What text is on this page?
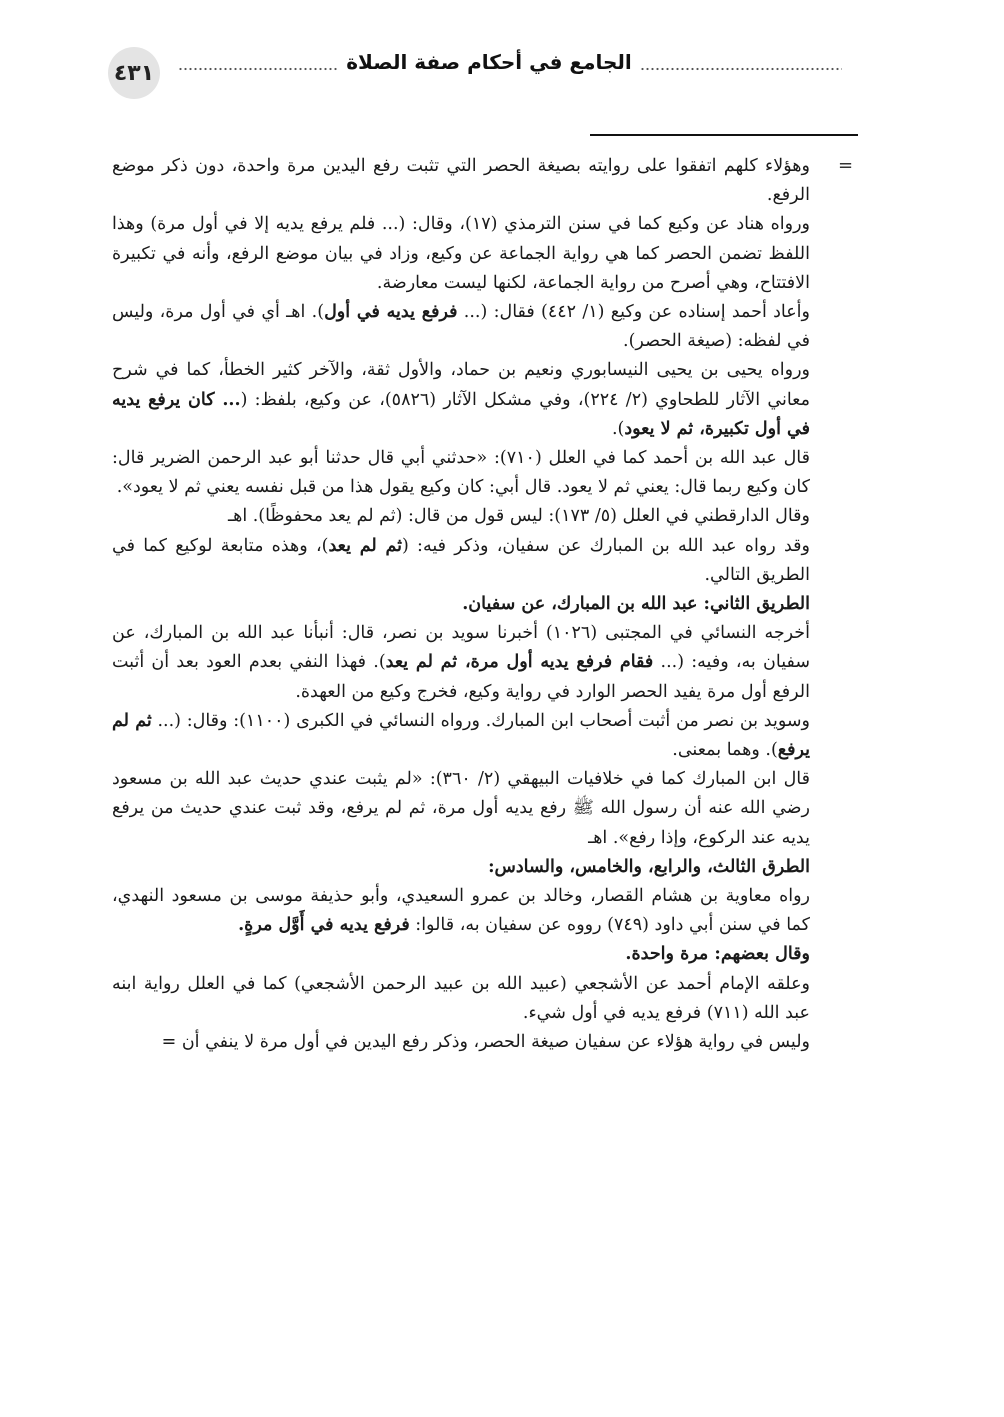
٤٣١	الجامع في أحكام صفة الصلاة
=

وهؤلاء كلهم اتفقوا على روايته بصيغة الحصر التي تثبت رفع اليدين مرة واحدة، دون ذكر موضع الرفع.

ورواه هناد عن وكيع كما في سنن الترمذي (١٧)، وقال: (... فلم يرفع يديه إلا في أول مرة) وهذا اللفظ تضمن الحصر كما هي رواية الجماعة عن وكيع، وزاد في بيان موضع الرفع، وأنه في تكبيرة الافتتاح، وهي أصرح من رواية الجماعة، لكنها ليست معارضة.

وأعاد أحمد إسناده عن وكيع (١/ ٤٤٢) فقال: (... فرفع يديه في أول). اهـ أي في أول مرة، وليس في لفظه: (صيغة الحصر).

ورواه يحيى بن يحيى النيسابوري ونعيم بن حماد، والأول ثقة، والآخر كثير الخطأ، كما في شرح معاني الآثار للطحاوي (٢/ ٢٢٤)، وفي مشكل الآثار (٥٨٢٦)، عن وكيع، بلفظ: (... كان يرفع يديه في أول تكبيرة، ثم لا يعود).

قال عبد الله بن أحمد كما في العلل (٧١٠): «حدثني أبي قال حدثنا أبو عبد الرحمن الضرير قال: كان وكيع ربما قال: يعني ثم لا يعود. قال أبي: كان وكيع يقول هذا من قبل نفسه يعني ثم لا يعود».

وقال الدارقطني في العلل (٥/ ١٧٣): ليس قول من قال: (ثم لم يعد محفوظًا). اهـ

وقد رواه عبد الله بن المبارك عن سفيان، وذكر فيه: (ثم لم يعد)، وهذه متابعة لوكيع كما في الطريق التالي.

الطريق الثاني: عبد الله بن المبارك، عن سفيان.

أخرجه النسائي في المجتبى (١٠٢٦) أخبرنا سويد بن نصر، قال: أنبأنا عبد الله بن المبارك، عن سفيان به، وفيه: (... فقام فرفع يديه أول مرة، ثم لم يعد). فهذا النفي بعدم العود بعد أن أثبت الرفع أول مرة يفيد الحصر الوارد في رواية وكيع، فخرج وكيع من العهدة.

وسويد بن نصر من أثبت أصحاب ابن المبارك. ورواه النسائي في الكبرى (١١٠٠): وقال: (... ثم لم يرفع). وهما بمعنى.

قال ابن المبارك كما في خلافيات البيهقي (٢/ ٣٦٠): «لم يثبت عندي حديث عبد الله بن مسعود رضي الله عنه أن رسول الله ﷺ رفع يديه أول مرة، ثم لم يرفع، وقد ثبت عندي حديث من يرفع يديه عند الركوع، وإذا رفع». اهـ

الطرق الثالث، والرابع، والخامس، والسادس:

رواه معاوية بن هشام القصار، وخالد بن عمرو السعيدي، وأبو حذيفة موسى بن مسعود النهدي، كما في سنن أبي داود (٧٤٩) رووه عن سفيان به، قالوا: فرفع يديه في أَوَّل مرةٍ.

وقال بعضهم: مرة واحدة.

وعلقه الإمام أحمد عن الأشجعي (عبيد الله بن عبيد الرحمن الأشجعي) كما في العلل رواية ابنه عبد الله (٧١١) فرفع يديه في أول شيء.

وليس في رواية هؤلاء عن سفيان صيغة الحصر، وذكر رفع اليدين في أول مرة لا ينفي أن =
